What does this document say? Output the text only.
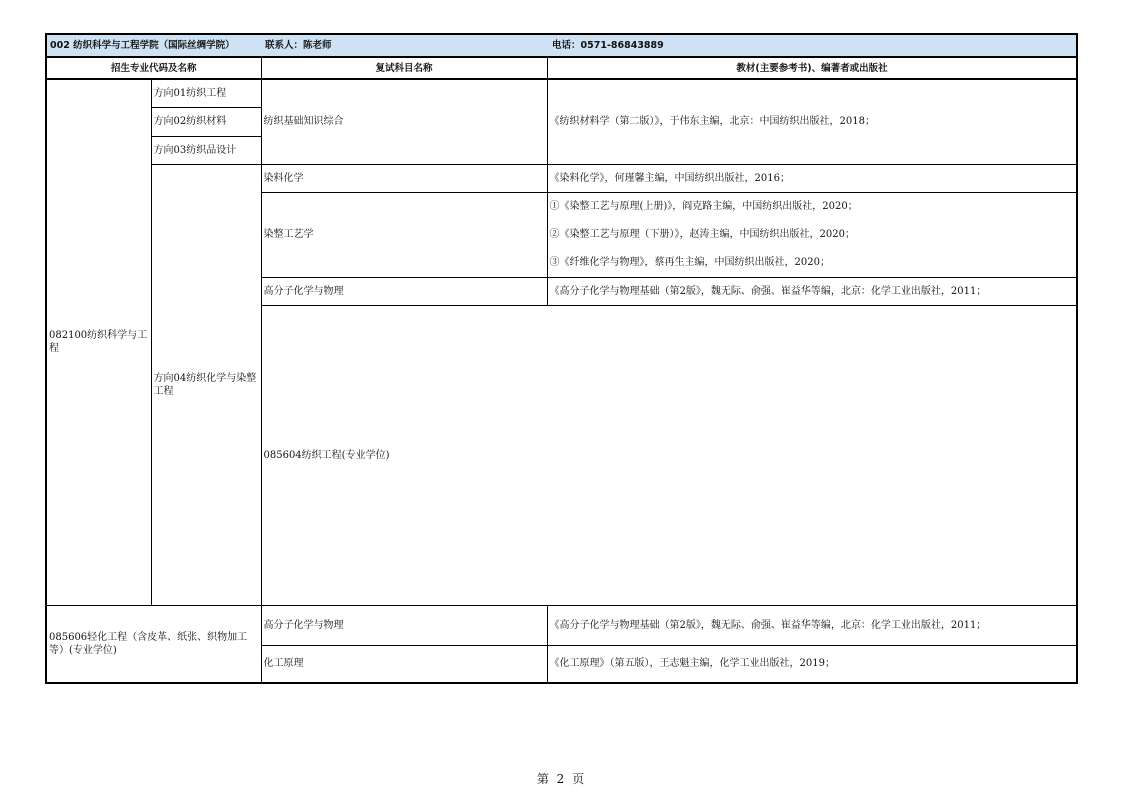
002 纺织科学与工程学院（国际丝绸学院） 联系人：陈老师 电话：0571-86843889				

招生专业代码及名称		复试科目名称	教材(主要参考书)、编著者或出版社	
082100纺织科学与工程	方向01纺织工程	纺织基础知识综合	《纺织材料学（第二版）》，于伟东主编，北京：中国纺织出版社，2018；	
	方向02纺织材料			
	方向03纺织品设计			
	方向04纺织化学与染整工程	染料化学	《染料化学》，何瑾馨主编，中国纺织出版社，2016；	
		染整工艺学	①《染整工艺与原理(上册)》，阎克路主编，中国纺织出版社，2020；
②《染整工艺与原理（下册）》，赵涛主编，中国纺织出版社，2020；
③《纤维化学与物理》，蔡再生主编，中国纺织出版社，2020；	

		高分子化学与物理	《高分子化学与物理基础（第2版》，魏无际、俞强、崔益华等编，北京：化学工业出版社，2011；	
		085604纺织工程(专业学位)		
085606轻化工程（含皮革、纸张、织物加工等）(专业学位)		高分子化学与物理	《高分子化学与物理基础（第2版》，魏无际、俞强、崔益华等编，北京：化学工业出版社，2011；	
		化工原理	《化工原理》（第五版），王志魁主编，化学工业出版社，2019；	
第 2 页
